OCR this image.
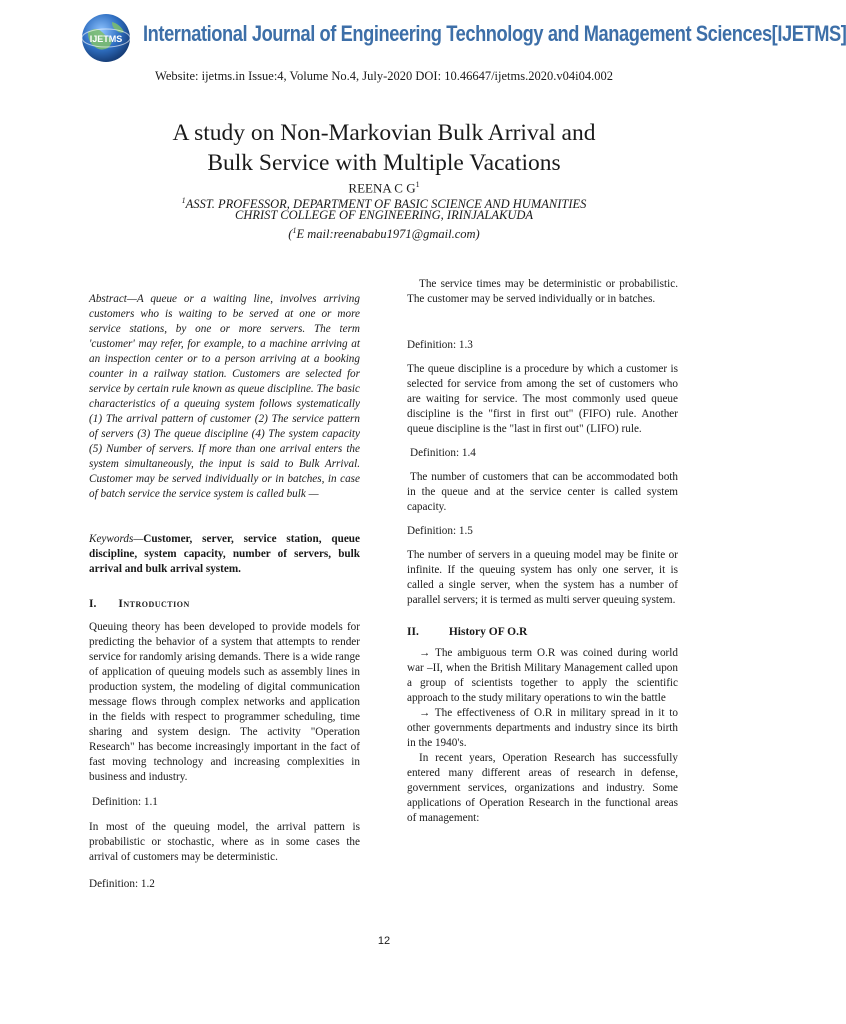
IJETMS International Journal of Engineering Technology and Management Sciences[IJETMS]
Website: ijetms.in Issue:4, Volume No.4, July-2020 DOI: 10.46647/ijetms.2020.v04i04.002
A study on Non-Markovian Bulk Arrival and
Bulk Service with Multiple Vacations
REENA C $G^1$
$^1$ASST. PROFESSOR, DEPARTMENT OF BASIC SCIENCE AND HUMANITIES
CHRIST COLLEGE OF ENGINEERING, IRINJALAKUDA
($^1$E mail:reenababu1971@gmail.com)

Abstract—A queue or a waiting line, involves arriving customers who is waiting to be served at one or more service stations, by one or more servers. The term 'customer' may refer, for example, to a machine arriving at an inspection center or to a person arriving at a booking counter in a railway station. Customers are selected for service by certain rule known as queue discipline. The basic characteristics of a queuing system follows systematically (1) The arrival pattern of customer (2) The service pattern of servers (3) The queue discipline (4) The system capacity (5) Number of servers. If more than one arrival enters the system simultaneously, the input is said to Bulk Arrival. Customer may be served individually or in batches, in case of batch service the service system is called bulk —

Keywords—Customer, server, service station, queue discipline, system capacity, number of servers, bulk arrival and bulk arrival system.

I. Introduction

Queuing theory has been developed to provide models for predicting the behavior of a system that attempts to render service for randomly arising demands. There is a wide range of application of queuing models such as assembly lines in production system, the modeling of digital communication message flows through complex networks and application in the fields with respect to programmer scheduling, time sharing and system design. The activity "Operation Research" has become increasingly important in the fact of fast moving technology and increasing complexities in business and industry.

Definition: 1.1

In most of the queuing model, the arrival pattern is probabilistic or stochastic, where as in some cases the arrival of customers may be deterministic.

Definition: 1.2

The service times may be deterministic or probabilistic. The customer may be served individually or in batches.

Definition: 1.3

The queue discipline is a procedure by which a customer is selected for service from among the set of customers who are waiting for service. The most commonly used queue discipline is the "first in first out" (FIFO) rule. Another queue discipline is the "last in first out" (LIFO) rule.

Definition: 1.4

The number of customers that can be accommodated both in the queue and at the service center is called system capacity.

Definition: 1.5

The number of servers in a queuing model may be finite or infinite. If the queuing system has only one server, it is called a single server, when the system has a number of parallel servers; it is termed as multi server queuing system.

II.	History OF O.R

→ The ambiguous term O.R was coined during world war –II, when the British Military Management called upon a group of scientists together to apply the scientific approach to the study military operations to win the battle

→ The effectiveness of O.R in military spread in it to other governments departments and industry since its birth in the 1940's.

In recent years, Operation Research has successfully entered many different areas of research in defense, government services, organizations and industry. Some applications of Operation Research in the functional areas of management:

12
